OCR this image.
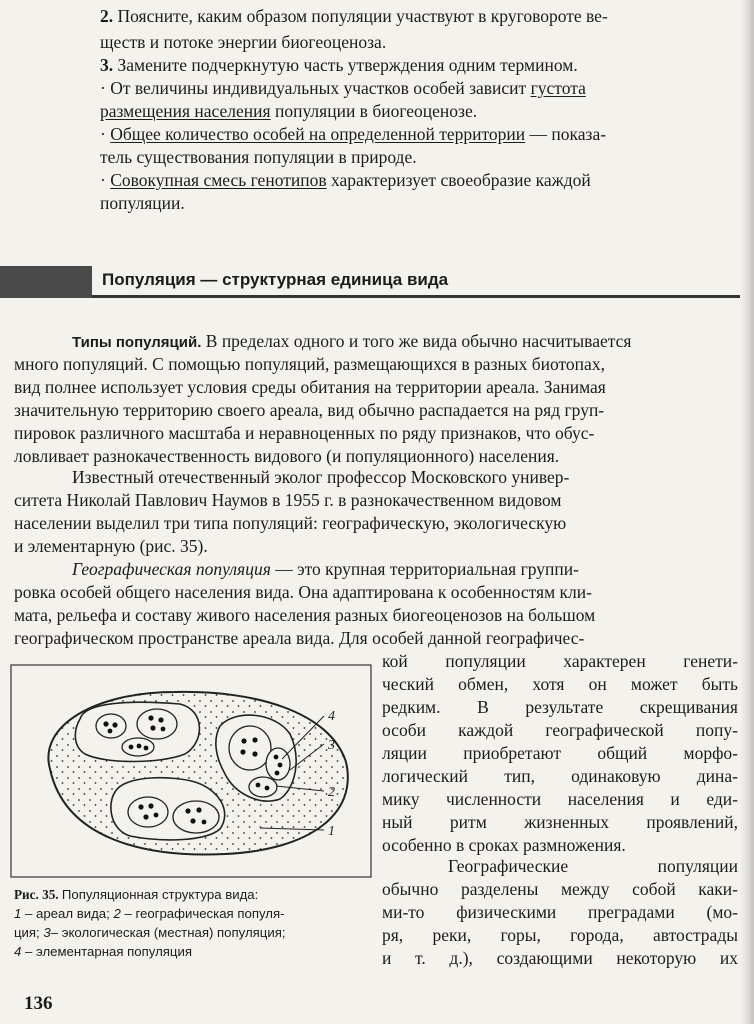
2. Поясните, каким образом популяции участвуют в круговороте ве-
ществ и потоке энергии биогеоценоза.
3. Замените подчеркнутую часть утверждения одним термином.
· От величины индивидуальных участков особей зависит густота
размещения населения популяции в биогеоценозе.
· Общее количество особей на определенной территории — показа-
тель существования популяции в природе.
· Совокупная смесь генотипов характеризует своеобразие каждой
популяции.
Популяция — структурная единица вида
Типы популяций. В пределах одного и того же вида обычно насчитывается
много популяций. С помощью популяций, размещающихся в разных биотопах,
вид полнее использует условия среды обитания на территории ареала. Занимая
значительную территорию своего ареала, вид обычно распадается на ряд груп-
пировок различного масштаба и неравноценных по ряду признаков, что обус-
ловливает разнокачественность видового (и популяционного) населения.
Известный отечественный эколог профессор Московского универ-
ситета Николай Павлович Наумов в 1955 г. в разнокачественном видовом
населении выделил три типа популяций: географическую, экологическую
и элементарную (рис. 35).
Географическая популяция — это крупная территориальная группи-
ровка особей общего населения вида. Она адаптирована к особенностям кли-
мата, рельефа и составу живого населения разных биогеоценозов на большом
географическом пространстве ареала вида. Для особей данной географичес-
кой популяции характерен генети-
ческий обмен, хотя он может быть
редким. В результате скрещивания
особи каждой географической попу-
ляции приобретают общий морфо-
логический тип, одинаковую дина-
мику численности населения и еди-
ный ритм жизненных проявлений,
особенно в сроках размножения.
Географические популяции
обычно разделены между собой каки-
ми-то физическими преградами (мо-
ря, реки, горы, города, автострады
и т. д.), создающими некоторую их
4
3
2
1
Рис. 35. Популяционная структура вида:
1 – ареал вида; 2 – географическая популя-
ция; 3– экологическая (местная) популяция;
4 – элементарная популяция
136
